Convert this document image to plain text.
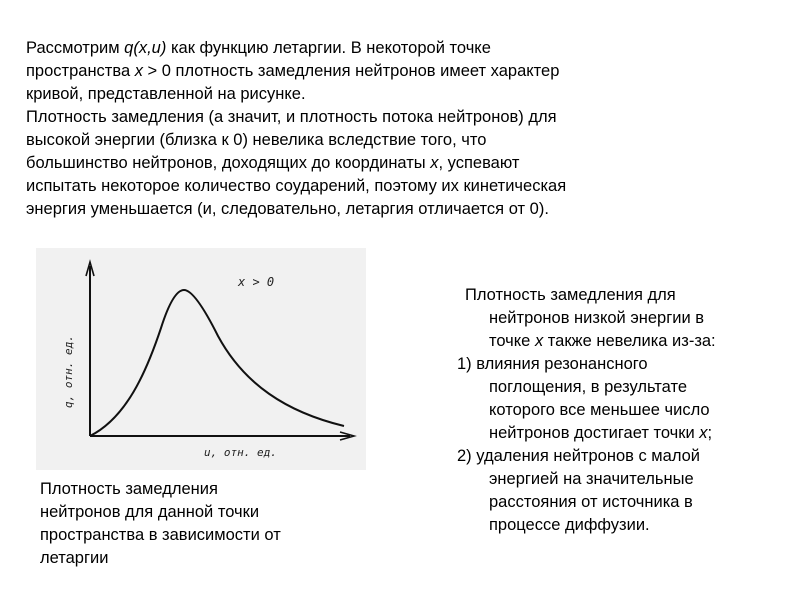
Рассмотрим q(x,u) как функцию летаргии. В некоторой точке
пространства x > 0 плотность замедления нейтронов имеет характер
кривой, представленной на рисунке.

Плотность замедления (а значит, и плотность потока нейтронов) для
высокой энергии (близка к 0) невелика вследствие того, что
большинство нейтронов, доходящих до координаты x, успевают
испытать некоторое количество соударений, поэтому их кинетическая
энергия уменьшается (и, следовательно, летаргия отличается от 0).

x > 0
q, отн. ед.
u, отн. ед.
Плотность замедления
нейтронов для данной точки
пространства в зависимости от
летаргии

Плотность замедления для
нейтронов низкой энергии в
точке x также невелика из-за:

1) влияния резонансного
поглощения, в результате
которого все меньшее число
нейтронов достигает точки x;

2) удаления нейтронов с малой
энергией на значительные
расстояния от источника в
процессе диффузии.
